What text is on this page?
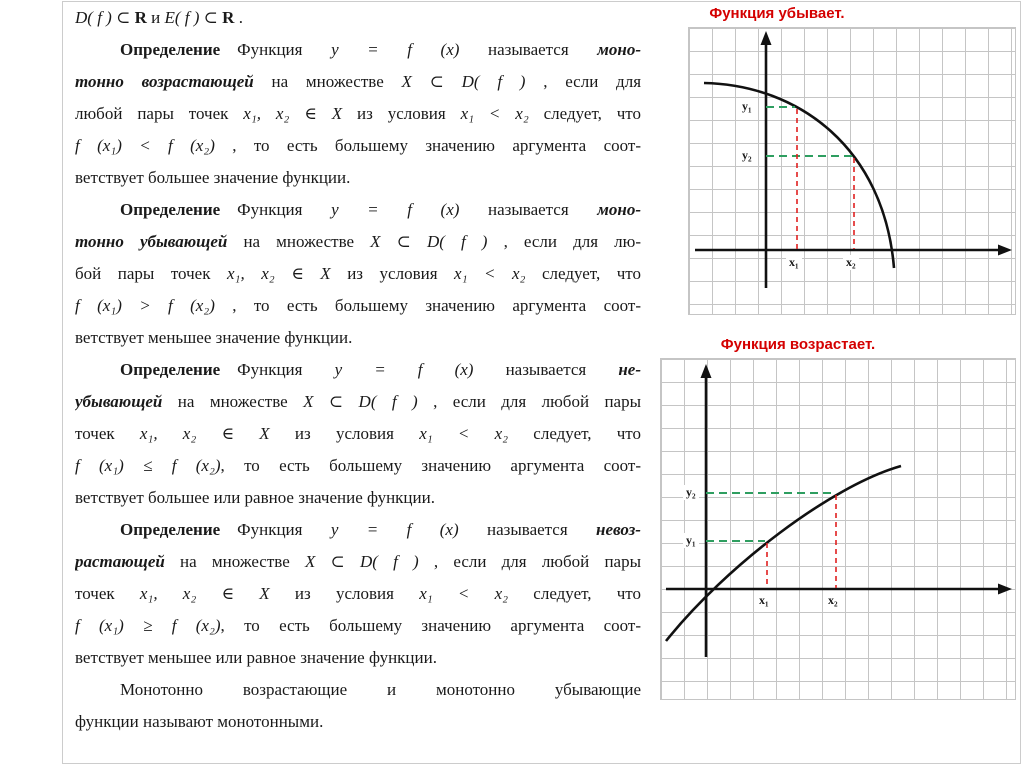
D( f ) ⊂ R и E( f ) ⊂ R .
Определение  Функция y = f (x) называется моно-
тонно возрастающей на множестве X ⊂ D( f ) , если для
любой пары точек x₁, x₂ ∈ X из условия x₁ < x₂ следует, что
f (x₁) < f (x₂) , то есть большему значению аргумента соот-
ветствует большее значение функции.
Определение  Функция y = f (x) называется моно-
тонно убывающей на множестве X ⊂ D( f ) , если для лю-
бой пары точек x₁, x₂ ∈ X из условия x₁ < x₂ следует, что
f (x₁) > f (x₂) , то есть большему значению аргумента соот-
ветствует меньшее значение функции.
Определение  Функция y = f (x) называется не-
убывающей на множестве X ⊂ D( f ) , если для любой пары
точек x₁, x₂ ∈ X из условия x₁ < x₂ следует, что
f (x₁) ≤ f (x₂), то есть большему значению аргумента соот-
ветствует большее или равное значение функции.
Определение  Функция y = f (x) называется невоз-
растающей на множестве X ⊂ D( f ) , если для любой пары
точек x₁, x₂ ∈ X из условия x₁ < x₂ следует, что
f (x₁) ≥ f (x₂), то есть большему значению аргумента соот-
ветствует меньшее или равное значение функции.
Монотонно возрастающие и монотонно убывающие
функции называют монотонными.
Функция убывает.
y₁
y₂
x₁	x₂
Функция возрастает.
y₂
y₁
x₁	x₂
